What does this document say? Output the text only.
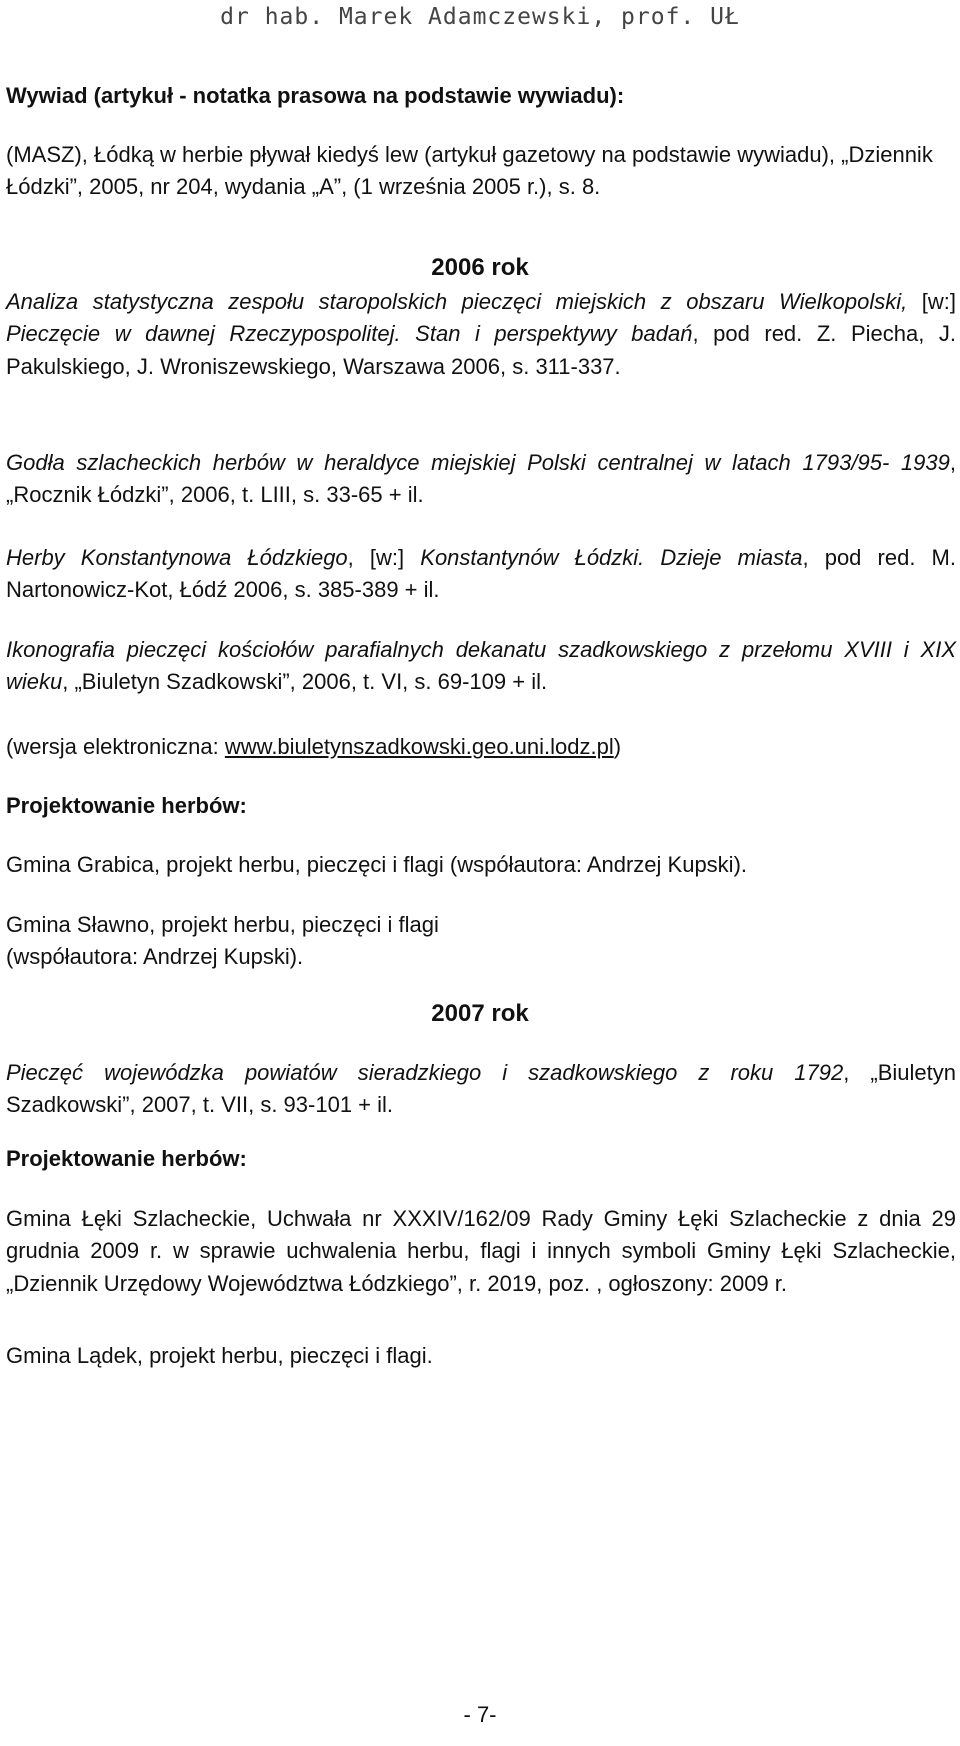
dr hab. Marek Adamczewski, prof. UŁ

Wywiad (artykuł - notatka prasowa na podstawie wywiadu):

(MASZ), Łódką w herbie pływał kiedyś lew (artykuł gazetowy na podstawie wywiadu), „Dziennik Łódzki”, 2005, nr 204, wydania „A”, (1 września 2005 r.), s. 8.

2006 rok

Analiza statystyczna zespołu staropolskich pieczęci miejskich z obszaru Wielkopolski, [w:] Pieczęcie w dawnej Rzeczypospolitej. Stan i perspektywy badań, pod red. Z. Piecha, J. Pakulskiego, J. Wroniszewskiego, Warszawa 2006, s. 311-337.

Godła szlacheckich herbów w heraldyce miejskiej Polski centralnej w latach 1793/95- 1939, „Rocznik Łódzki”, 2006, t. LIII, s. 33-65 + il.

Herby Konstantynowa Łódzkiego, [w:] Konstantynów Łódzki. Dzieje miasta, pod red. M. Nartonowicz-Kot, Łódź 2006, s. 385-389 + il.

Ikonografia pieczęci kościołów parafialnych dekanatu szadkowskiego z przełomu XVIII i XIX wieku, „Biuletyn Szadkowski”, 2006, t. VI, s. 69-109 + il.

(wersja elektroniczna: www.biuletynszadkowski.geo.uni.lodz.pl)

Projektowanie herbów:

Gmina Grabica, projekt herbu, pieczęci i flagi (współautora: Andrzej Kupski).

Gmina Sławno, projekt herbu, pieczęci i flagi

(współautora: Andrzej Kupski).

2007 rok

Pieczęć wojewódzka powiatów sieradzkiego i szadkowskiego z roku 1792, „Biuletyn Szadkowski”, 2007, t. VII, s. 93-101 + il.

Projektowanie herbów:

Gmina Łęki Szlacheckie, Uchwała nr XXXIV/162/09 Rady Gminy Łęki Szlacheckie z dnia 29 grudnia 2009 r. w sprawie uchwalenia herbu, flagi i innych symboli Gminy Łęki Szlacheckie, „Dziennik Urzędowy Województwa Łódzkiego”, r. 2019, poz. , ogłoszony: 2009 r.

Gmina Lądek, projekt herbu, pieczęci i flagi.

- 7-
